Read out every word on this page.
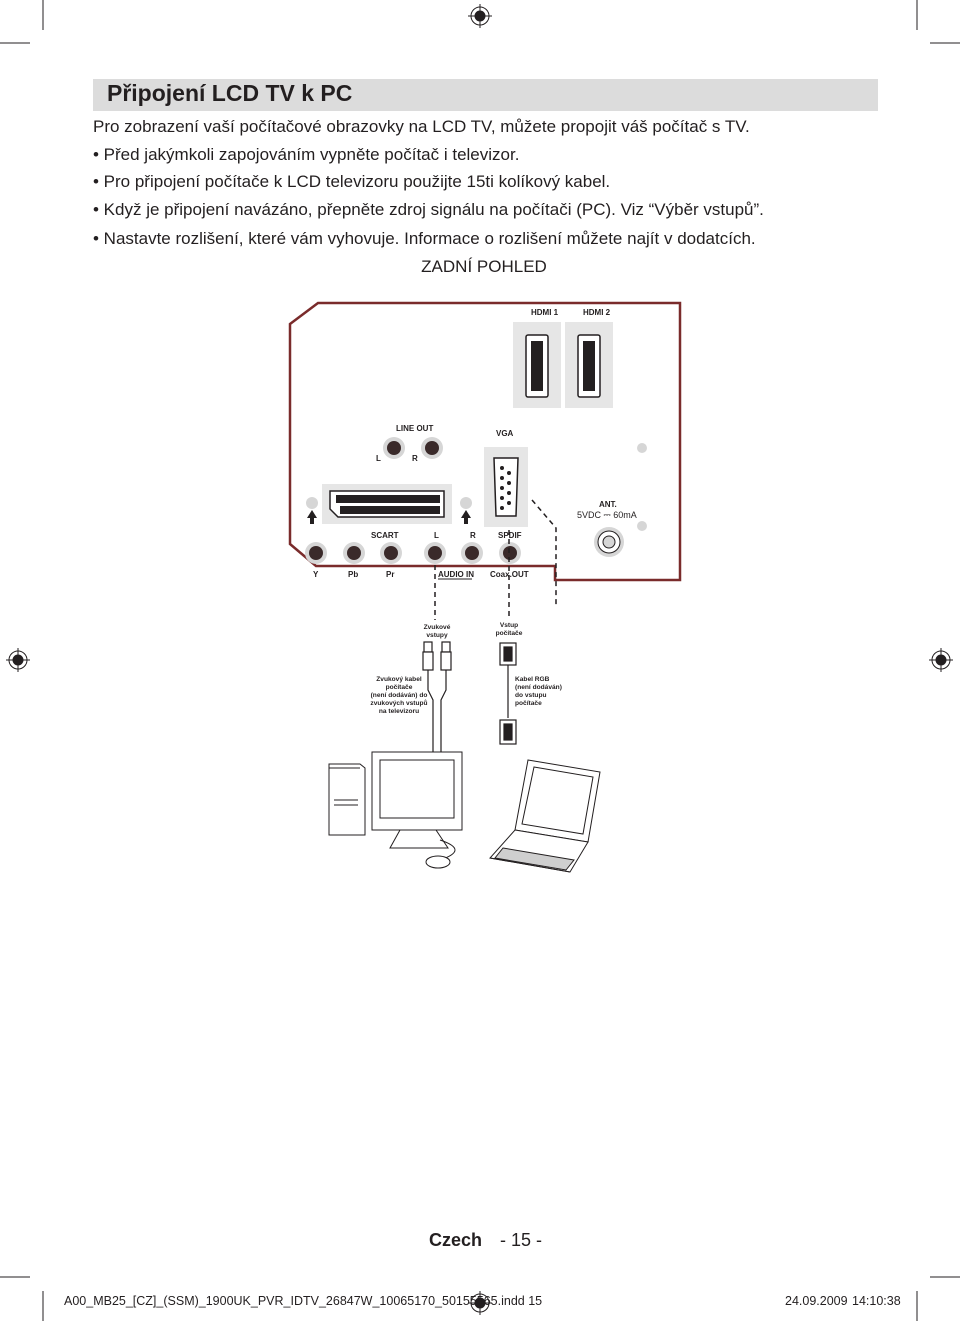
Připojení LCD TV k PC
Pro zobrazení vaší počítačové obrazovky na LCD TV, můžete propojit váš počítač s TV.
• Před jakýmkoli zapojováním vypněte počítač i televizor.
• Pro připojení počítače k LCD televizoru použijte 15ti kolíkový kabel.
• Když je připojení navázáno, přepněte zdroj signálu na počítači (PC). Viz “Výběr vstupů”.
• Nastavte rozlišení, které vám vyhovuje. Informace o rozlišení můžete najít v dodatcích.
ZADNÍ POHLED
HDMI 1	HDMI 2
LINE OUT
L	R
VGA
ANT.
5VDC ⎓ 60mA
SCART	L	R	SPDIF
Y	Pb	Pr	AUDIO IN Coax.OUT
Zvukové
vstupy
Vstup
počítače
Zvukový kabel
počítače
(není dodáván) do
zvukových vstupů
na televizoru
Kabel RGB
(není dodáván)
do vstupu počítače
Czech - 15 -
A00_MB25_[CZ]_(SSM)_1900UK_PVR_IDTV_26847W_10065170_50155565.indd 15	24.09.2009 14:10:38
